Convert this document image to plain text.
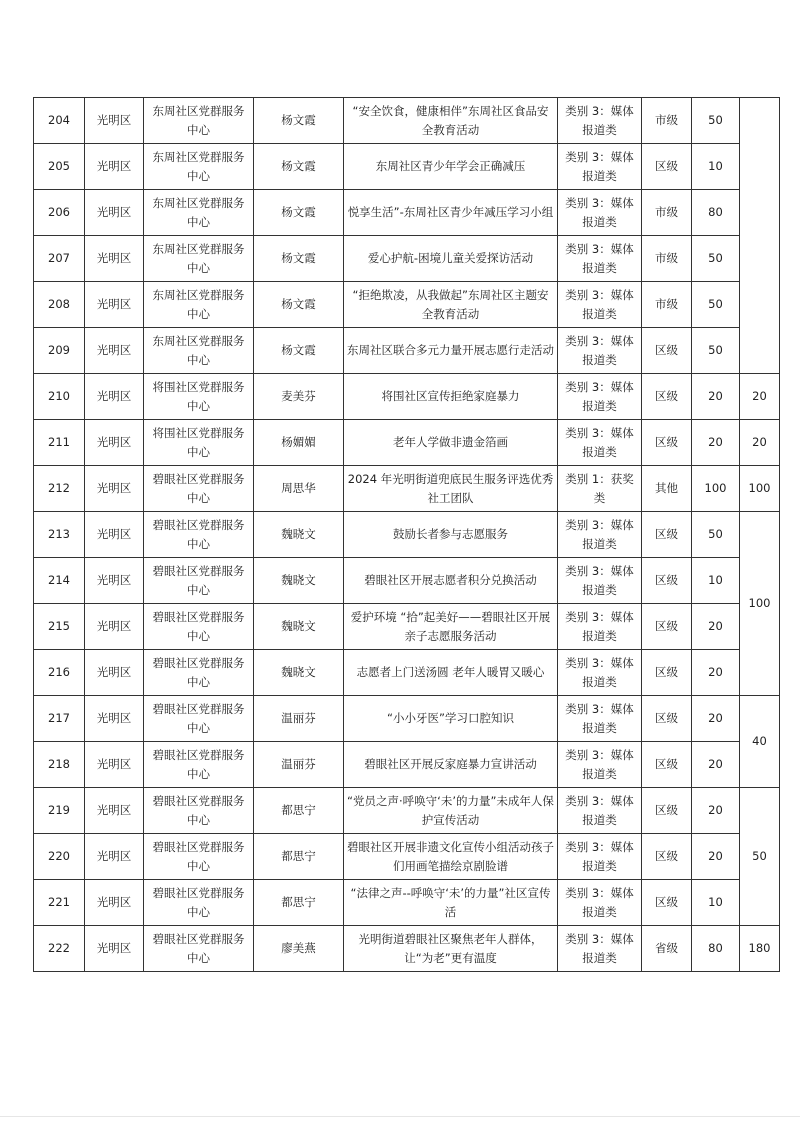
204	光明区	东周社区党群服务中心	杨文霞	“安全饮食，健康相伴”东周社区食品安全教育活动	类别 3：媒体报道类	市级	50	
205	光明区	东周社区党群服务中心	杨文霞	东周社区青少年学会正确减压	类别 3：媒体报道类	区级	10	
206	光明区	东周社区党群服务中心	杨文霞	悦享生活”-东周社区青少年减压学习小组	类别 3：媒体报道类	市级	80	
207	光明区	东周社区党群服务中心	杨文霞	爱心护航-困境儿童关爱探访活动	类别 3：媒体报道类	市级	50	
208	光明区	东周社区党群服务中心	杨文霞	“拒绝欺凌，从我做起”东周社区主题安全教育活动	类别 3：媒体报道类	市级	50	
209	光明区	东周社区党群服务中心	杨文霞	东周社区联合多元力量开展志愿行走活动	类别 3：媒体报道类	区级	50	
210	光明区	将围社区党群服务中心	麦美芬	将围社区宣传拒绝家庭暴力	类别 3：媒体报道类	区级	20	20
211	光明区	将围社区党群服务中心	杨媚媚	老年人学做非遗金箔画	类别 3：媒体报道类	区级	20	20
212	光明区	碧眼社区党群服务中心	周思华	2024 年光明街道兜底民生服务评选优秀社工团队	类别 1：获奖类	其他	100	100
213	光明区	碧眼社区党群服务中心	魏晓文	鼓励长者参与志愿服务	类别 3：媒体报道类	区级	50	100
214	光明区	碧眼社区党群服务中心	魏晓文	碧眼社区开展志愿者积分兑换活动	类别 3：媒体报道类	区级	10	
215	光明区	碧眼社区党群服务中心	魏晓文	爱护环境 “拾”起美好——碧眼社区开展亲子志愿服务活动	类别 3：媒体报道类	区级	20	
216	光明区	碧眼社区党群服务中心	魏晓文	志愿者上门送汤圆 老年人暖胃又暖心	类别 3：媒体报道类	区级	20	
217	光明区	碧眼社区党群服务中心	温丽芬	“小小牙医”学习口腔知识	类别 3：媒体报道类	区级	20	40
218	光明区	碧眼社区党群服务中心	温丽芬	碧眼社区开展反家庭暴力宣讲活动	类别 3：媒体报道类	区级	20	
219	光明区	碧眼社区党群服务中心	都思宁	“党员之声·呼唤守‘未’的力量”未成年人保护宣传活动	类别 3：媒体报道类	区级	20	50
220	光明区	碧眼社区党群服务中心	都思宁	碧眼社区开展非遗文化宣传小组活动孩子们用画笔描绘京剧脸谱	类别 3：媒体报道类	区级	20	
221	光明区	碧眼社区党群服务中心	都思宁	“法律之声--呼唤守‘未’的力量”社区宣传活	类别 3：媒体报道类	区级	10	
222	光明区	碧眼社区党群服务中心	廖美燕	光明街道碧眼社区聚焦老年人群体，让“为老”更有温度	类别 3：媒体报道类	省级	80	180
